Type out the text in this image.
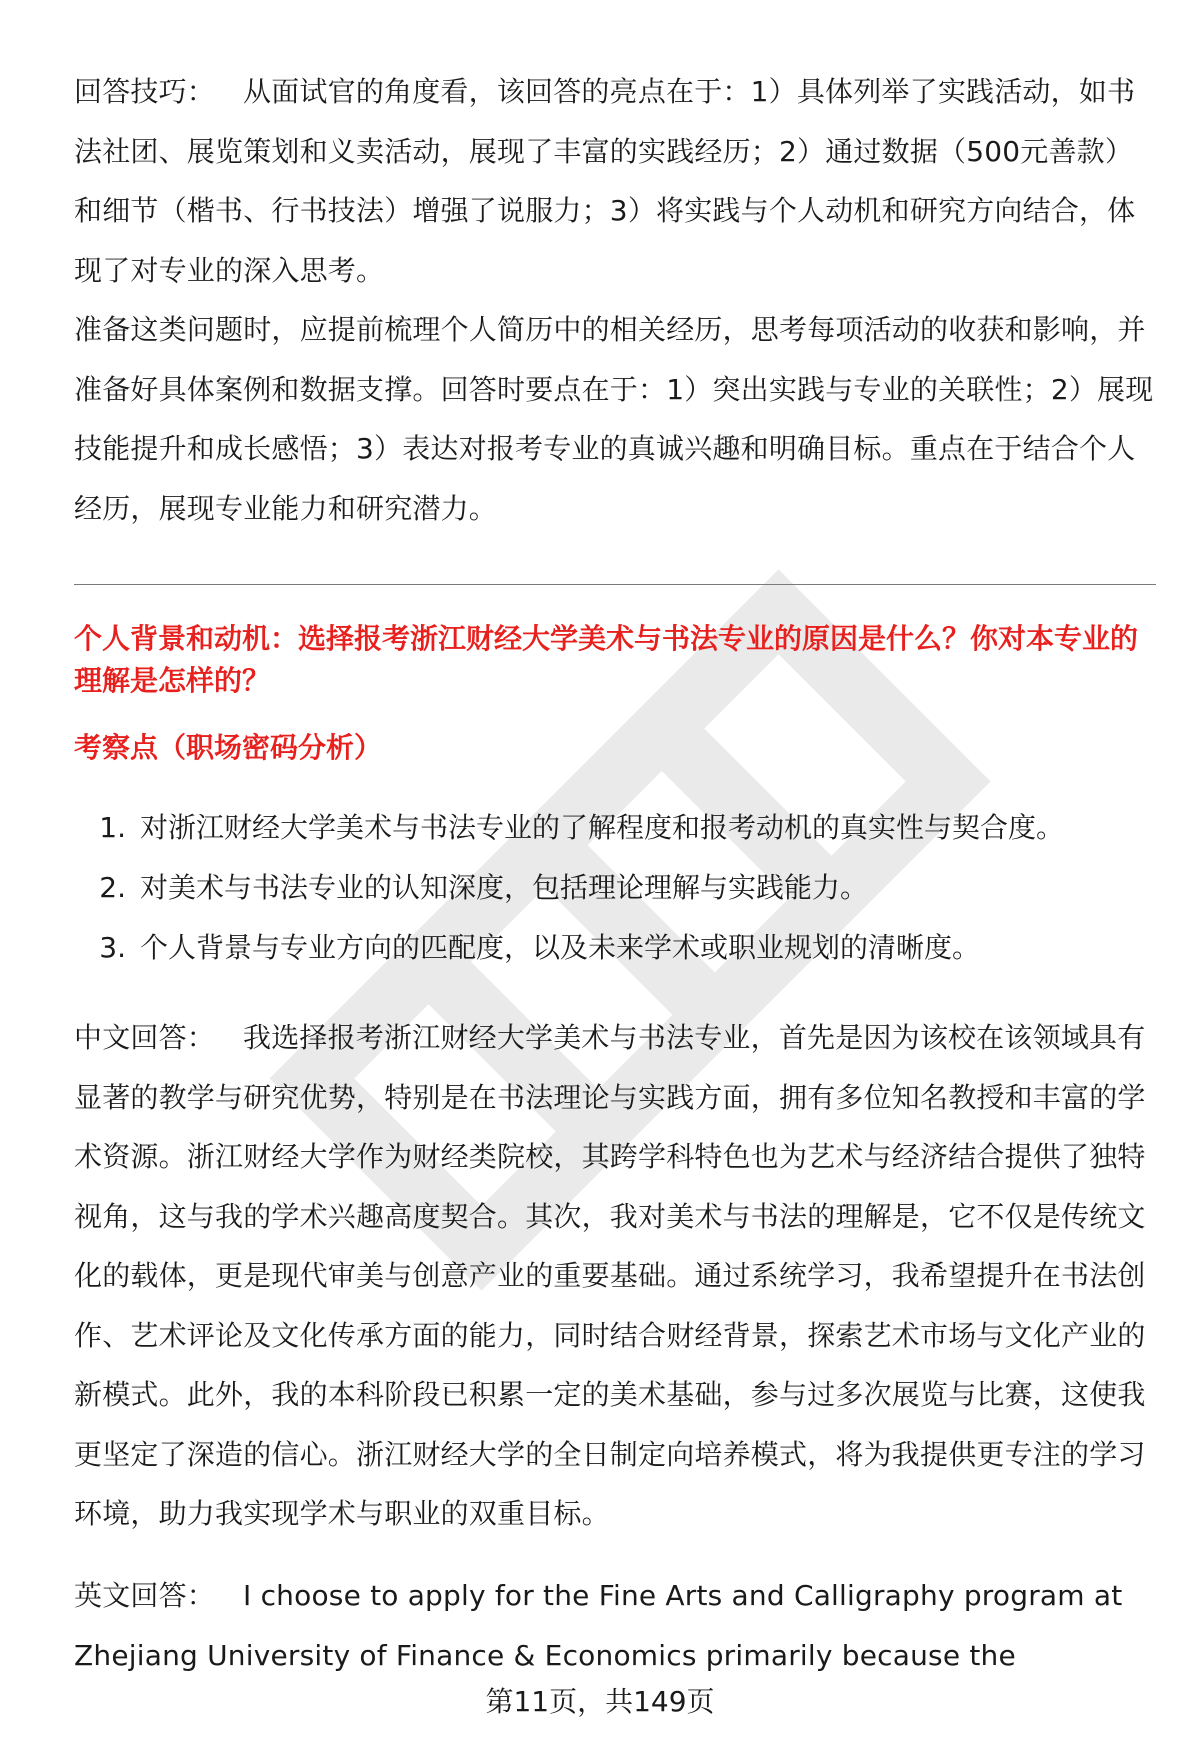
回答技巧： 从面试官的角度看，该回答的亮点在于：1）具体列举了实践活动，如书法社团、展览策划和义卖活动，展现了丰富的实践经历；2）通过数据（500元善款）和细节（楷书、行书技法）增强了说服力；3）将实践与个人动机和研究方向结合，体现了对专业的深入思考。

准备这类问题时，应提前梳理个人简历中的相关经历，思考每项活动的收获和影响，并准备好具体案例和数据支撑。回答时要点在于：1）突出实践与专业的关联性；2）展现技能提升和成长感悟；3）表达对报考专业的真诚兴趣和明确目标。重点在于结合个人经历，展现专业能力和研究潜力。

个人背景和动机：选择报考浙江财经大学美术与书法专业的原因是什么？你对本专业的理解是怎样的？

考察点（职场密码分析）

1. 对浙江财经大学美术与书法专业的了解程度和报考动机的真实性与契合度。
2. 对美术与书法专业的认知深度，包括理论理解与实践能力。
3. 个人背景与专业方向的匹配度，以及未来学术或职业规划的清晰度。

中文回答： 我选择报考浙江财经大学美术与书法专业，首先是因为该校在该领域具有显著的教学与研究优势，特别是在书法理论与实践方面，拥有多位知名教授和丰富的学术资源。浙江财经大学作为财经类院校，其跨学科特色也为艺术与经济结合提供了独特视角，这与我的学术兴趣高度契合。其次，我对美术与书法的理解是，它不仅是传统文化的载体，更是现代审美与创意产业的重要基础。通过系统学习，我希望提升在书法创作、艺术评论及文化传承方面的能力，同时结合财经背景，探索艺术市场与文化产业的新模式。此外，我的本科阶段已积累一定的美术基础，参与过多次展览与比赛，这使我更坚定了深造的信心。浙江财经大学的全日制定向培养模式，将为我提供更专注的学习环境，助力我实现学术与职业的双重目标。

英文回答： I choose to apply for the Fine Arts and Calligraphy program at Zhejiang University of Finance & Economics primarily because the

第11页，共149页
